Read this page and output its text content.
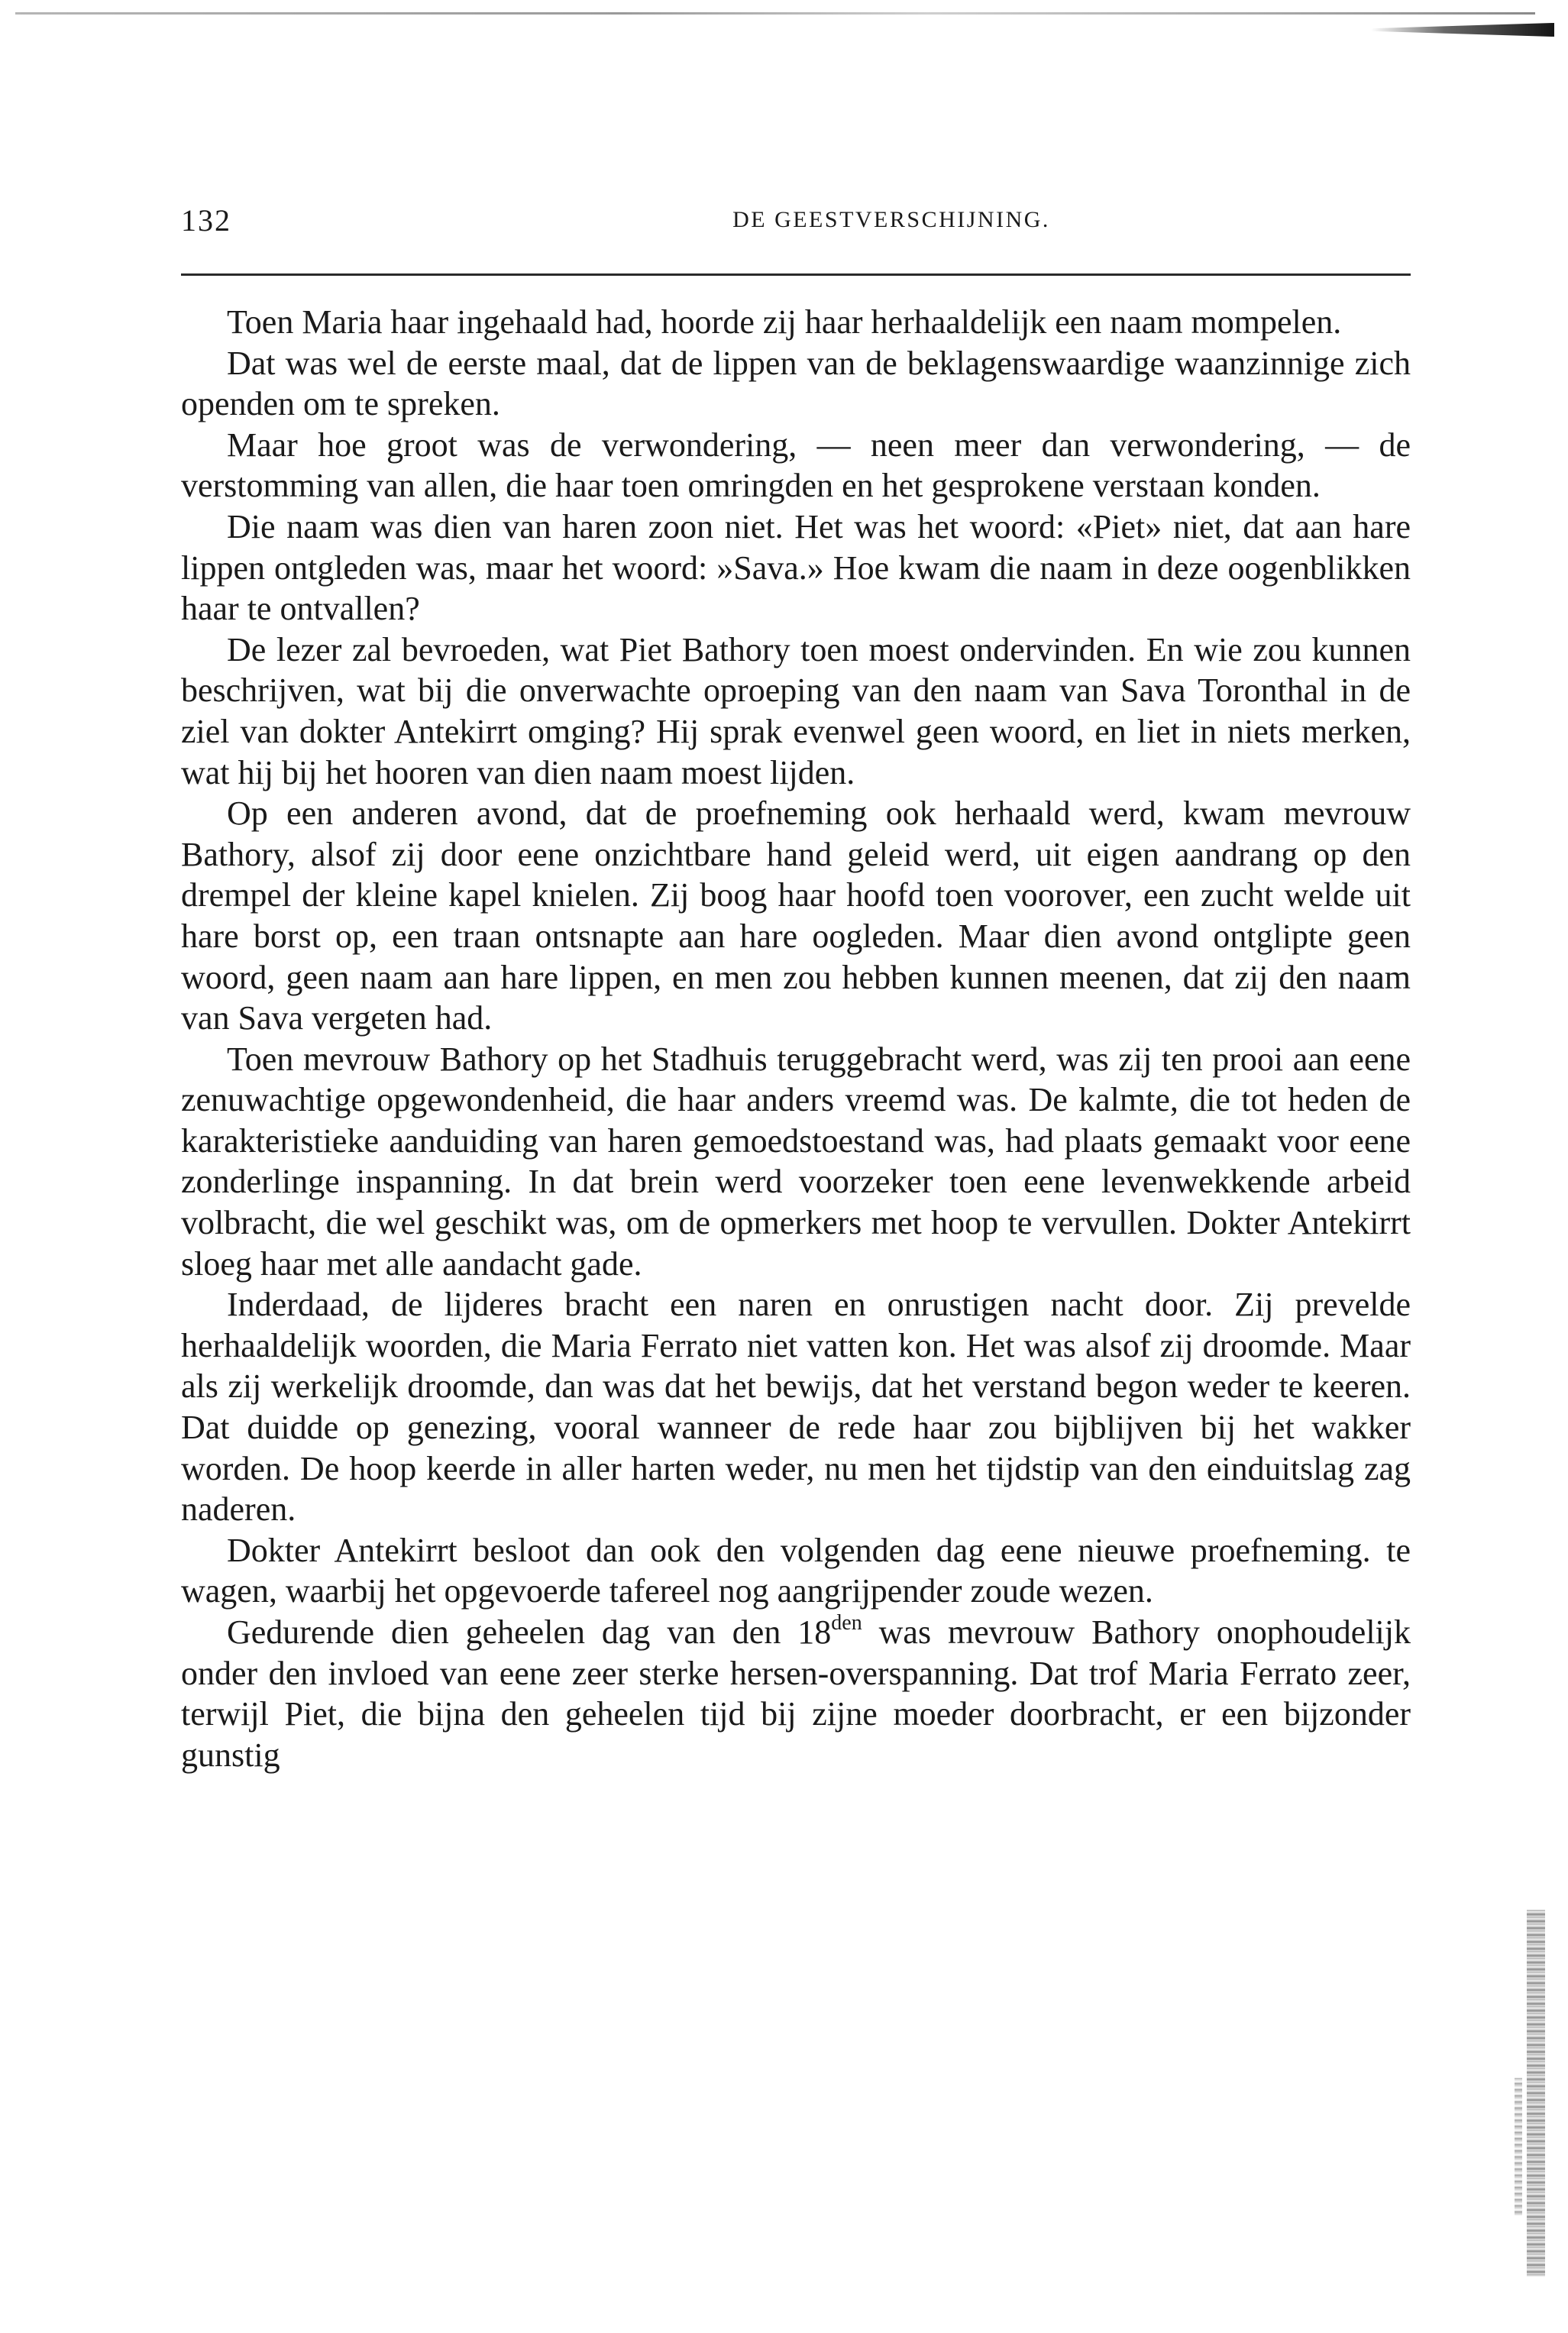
132	DE GEESTVERSCHIJNING.

Toen Maria haar ingehaald had, hoorde zij haar herhaaldelijk een naam mompelen.

Dat was wel de eerste maal, dat de lippen van de beklagenswaardige waanzinnige zich openden om te spreken.

Maar hoe groot was de verwondering, — neen meer dan verwondering, — de verstomming van allen, die haar toen omringden en het gesprokene verstaan konden.

Die naam was dien van haren zoon niet. Het was het woord: «Piet» niet, dat aan hare lippen ontgleden was, maar het woord: »Sava.» Hoe kwam die naam in deze oogenblikken haar te ontvallen?

De lezer zal bevroeden, wat Piet Bathory toen moest ondervinden. En wie zou kunnen beschrijven, wat bij die onverwachte oproeping van den naam van Sava Toronthal in de ziel van dokter Antekirrt omging? Hij sprak evenwel geen woord, en liet in niets merken, wat hij bij het hooren van dien naam moest lijden.

Op een anderen avond, dat de proefneming ook herhaald werd, kwam mevrouw Bathory, alsof zij door eene onzichtbare hand geleid werd, uit eigen aandrang op den drempel der kleine kapel knielen. Zij boog haar hoofd toen voorover, een zucht welde uit hare borst op, een traan ontsnapte aan hare oogleden. Maar dien avond ontglipte geen woord, geen naam aan hare lippen, en men zou hebben kunnen meenen, dat zij den naam van Sava vergeten had.

Toen mevrouw Bathory op het Stadhuis teruggebracht werd, was zij ten prooi aan eene zenuwachtige opgewondenheid, die haar anders vreemd was. De kalmte, die tot heden de karakteristieke aanduiding van haren gemoedstoestand was, had plaats gemaakt voor eene zonderlinge inspanning. In dat brein werd voorzeker toen eene levenwekkende arbeid volbracht, die wel geschikt was, om de opmerkers met hoop te vervullen. Dokter Antekirrt sloeg haar met alle aandacht gade.

Inderdaad, de lijderes bracht een naren en onrustigen nacht door. Zij prevelde herhaaldelijk woorden, die Maria Ferrato niet vatten kon. Het was alsof zij droomde. Maar als zij werkelijk droomde, dan was dat het bewijs, dat het verstand begon weder te keeren. Dat duidde op genezing, vooral wanneer de rede haar zou bijblijven bij het wakker worden. De hoop keerde in aller harten weder, nu men het tijdstip van den einduitslag zag naderen.

Dokter Antekirrt besloot dan ook den volgenden dag eene nieuwe proefneming. te wagen, waarbij het opgevoerde tafereel nog aangrijpender zoude wezen.

Gedurende dien geheelen dag van den $18^{den}$ was mevrouw Bathory onophoudelijk onder den invloed van eene zeer sterke hersen-overspanning. Dat trof Maria Ferrato zeer, terwijl Piet, die bijna den geheelen tijd bij zijne moeder doorbracht, er een bijzonder gunstig
